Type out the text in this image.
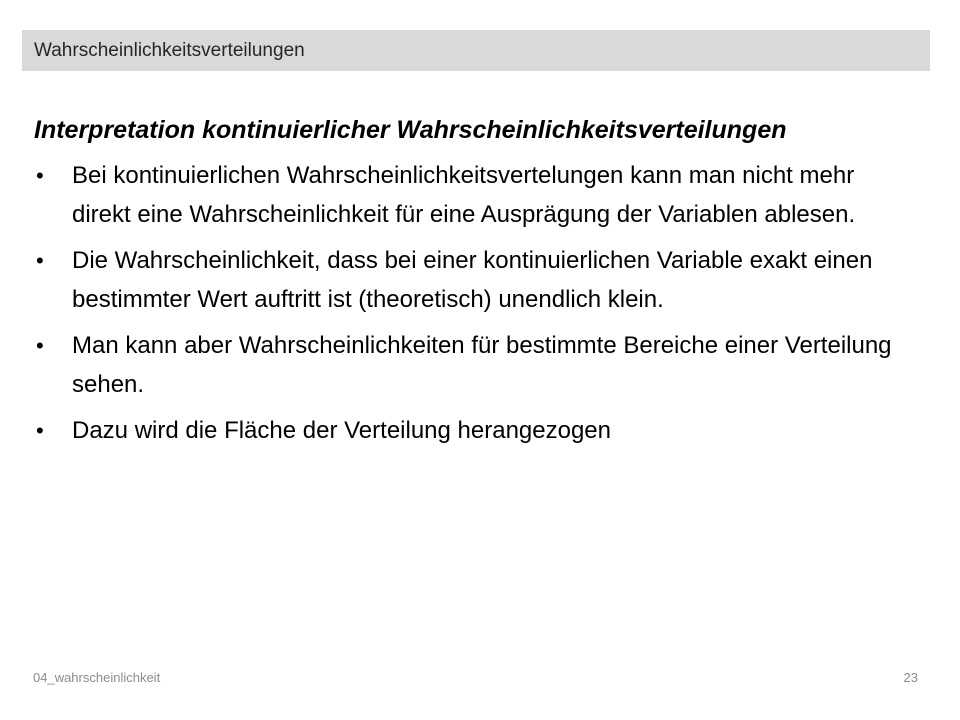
Wahrscheinlichkeitsverteilungen
Interpretation kontinuierlicher Wahrscheinlichkeitsverteilungen
• Bei kontinuierlichen Wahrscheinlichkeitsvertelungen kann man nicht mehr direkt eine Wahrscheinlichkeit für eine Ausprägung der Variablen ablesen.
• Die Wahrscheinlichkeit, dass bei einer kontinuierlichen Variable exakt einen bestimmter Wert auftritt ist (theoretisch) unendlich klein.
• Man kann aber Wahrscheinlichkeiten für bestimmte Bereiche einer Verteilung sehen.
• Dazu wird die Fläche der Verteilung herangezogen
04_wahrscheinlichkeit	23
